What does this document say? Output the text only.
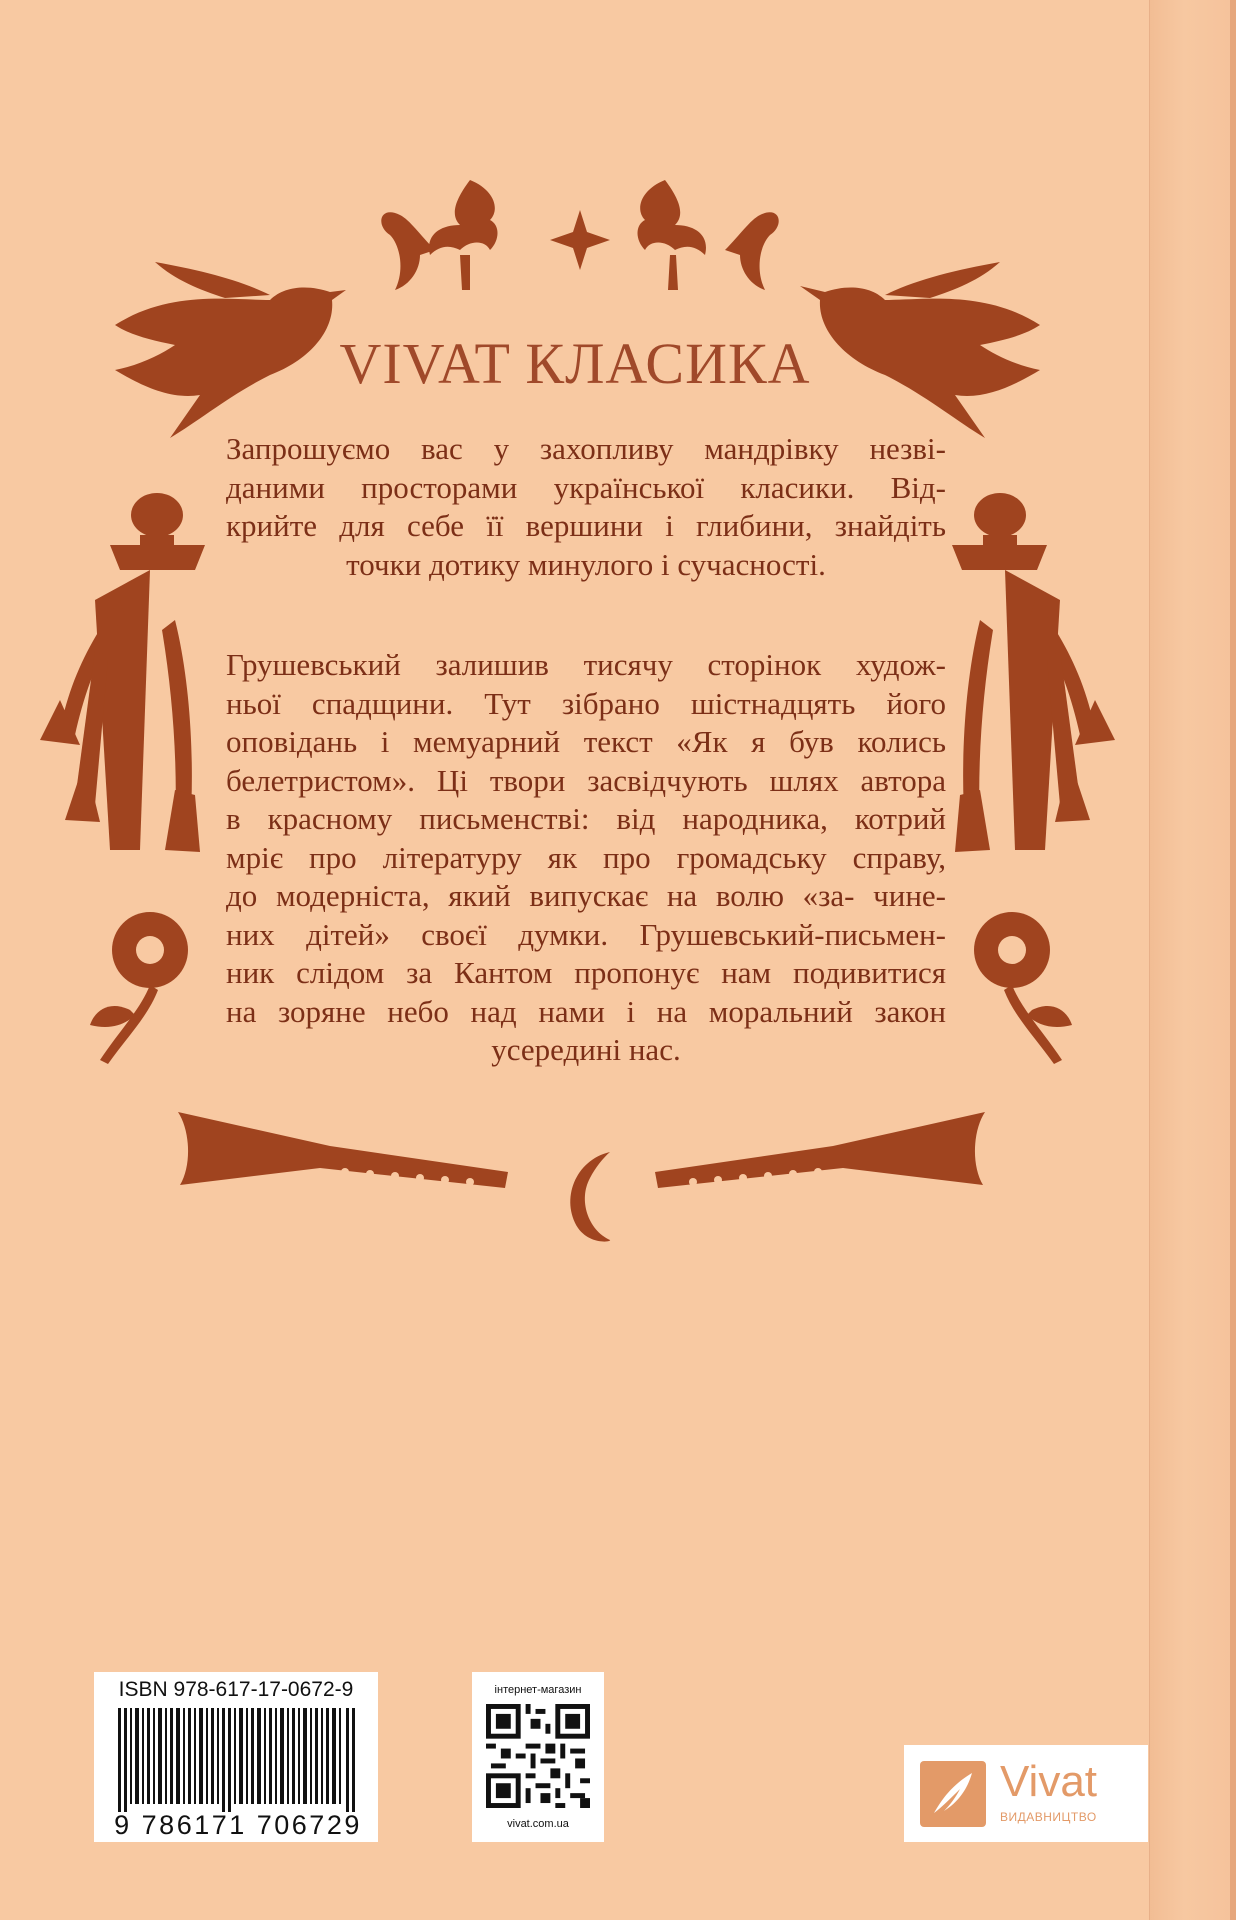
VIVAT КЛАСИКА
Запрошуємо вас у захопливу мандрівку незві-
даними просторами української класики. Від-
крийте для себе її вершини і глибини, знайдіть
точки дотику минулого і сучасності.
Грушевський залишив тисячу сторінок худож-
ньої спадщини. Тут зібрано шістнадцять його
оповідань і мемуарний текст «Як я був колись
белетристом». Ці твори засвідчують шлях автора
в красному письменстві: від народника, котрий
мріє про літературу як про громадську справу,
до модерніста, який випускає на волю «за- чине-
них дітей» своєї думки. Грушевський-письмен-
ник слідом за Кантом пропонує нам подивитися
на зоряне небо над нами і на моральний закон
усередині нас.
ISBN 978-617-17-0672-9
9 786171 706729
інтернет-магазин
vivat.com.ua
Vivat
ВИДАВНИЦТВО
